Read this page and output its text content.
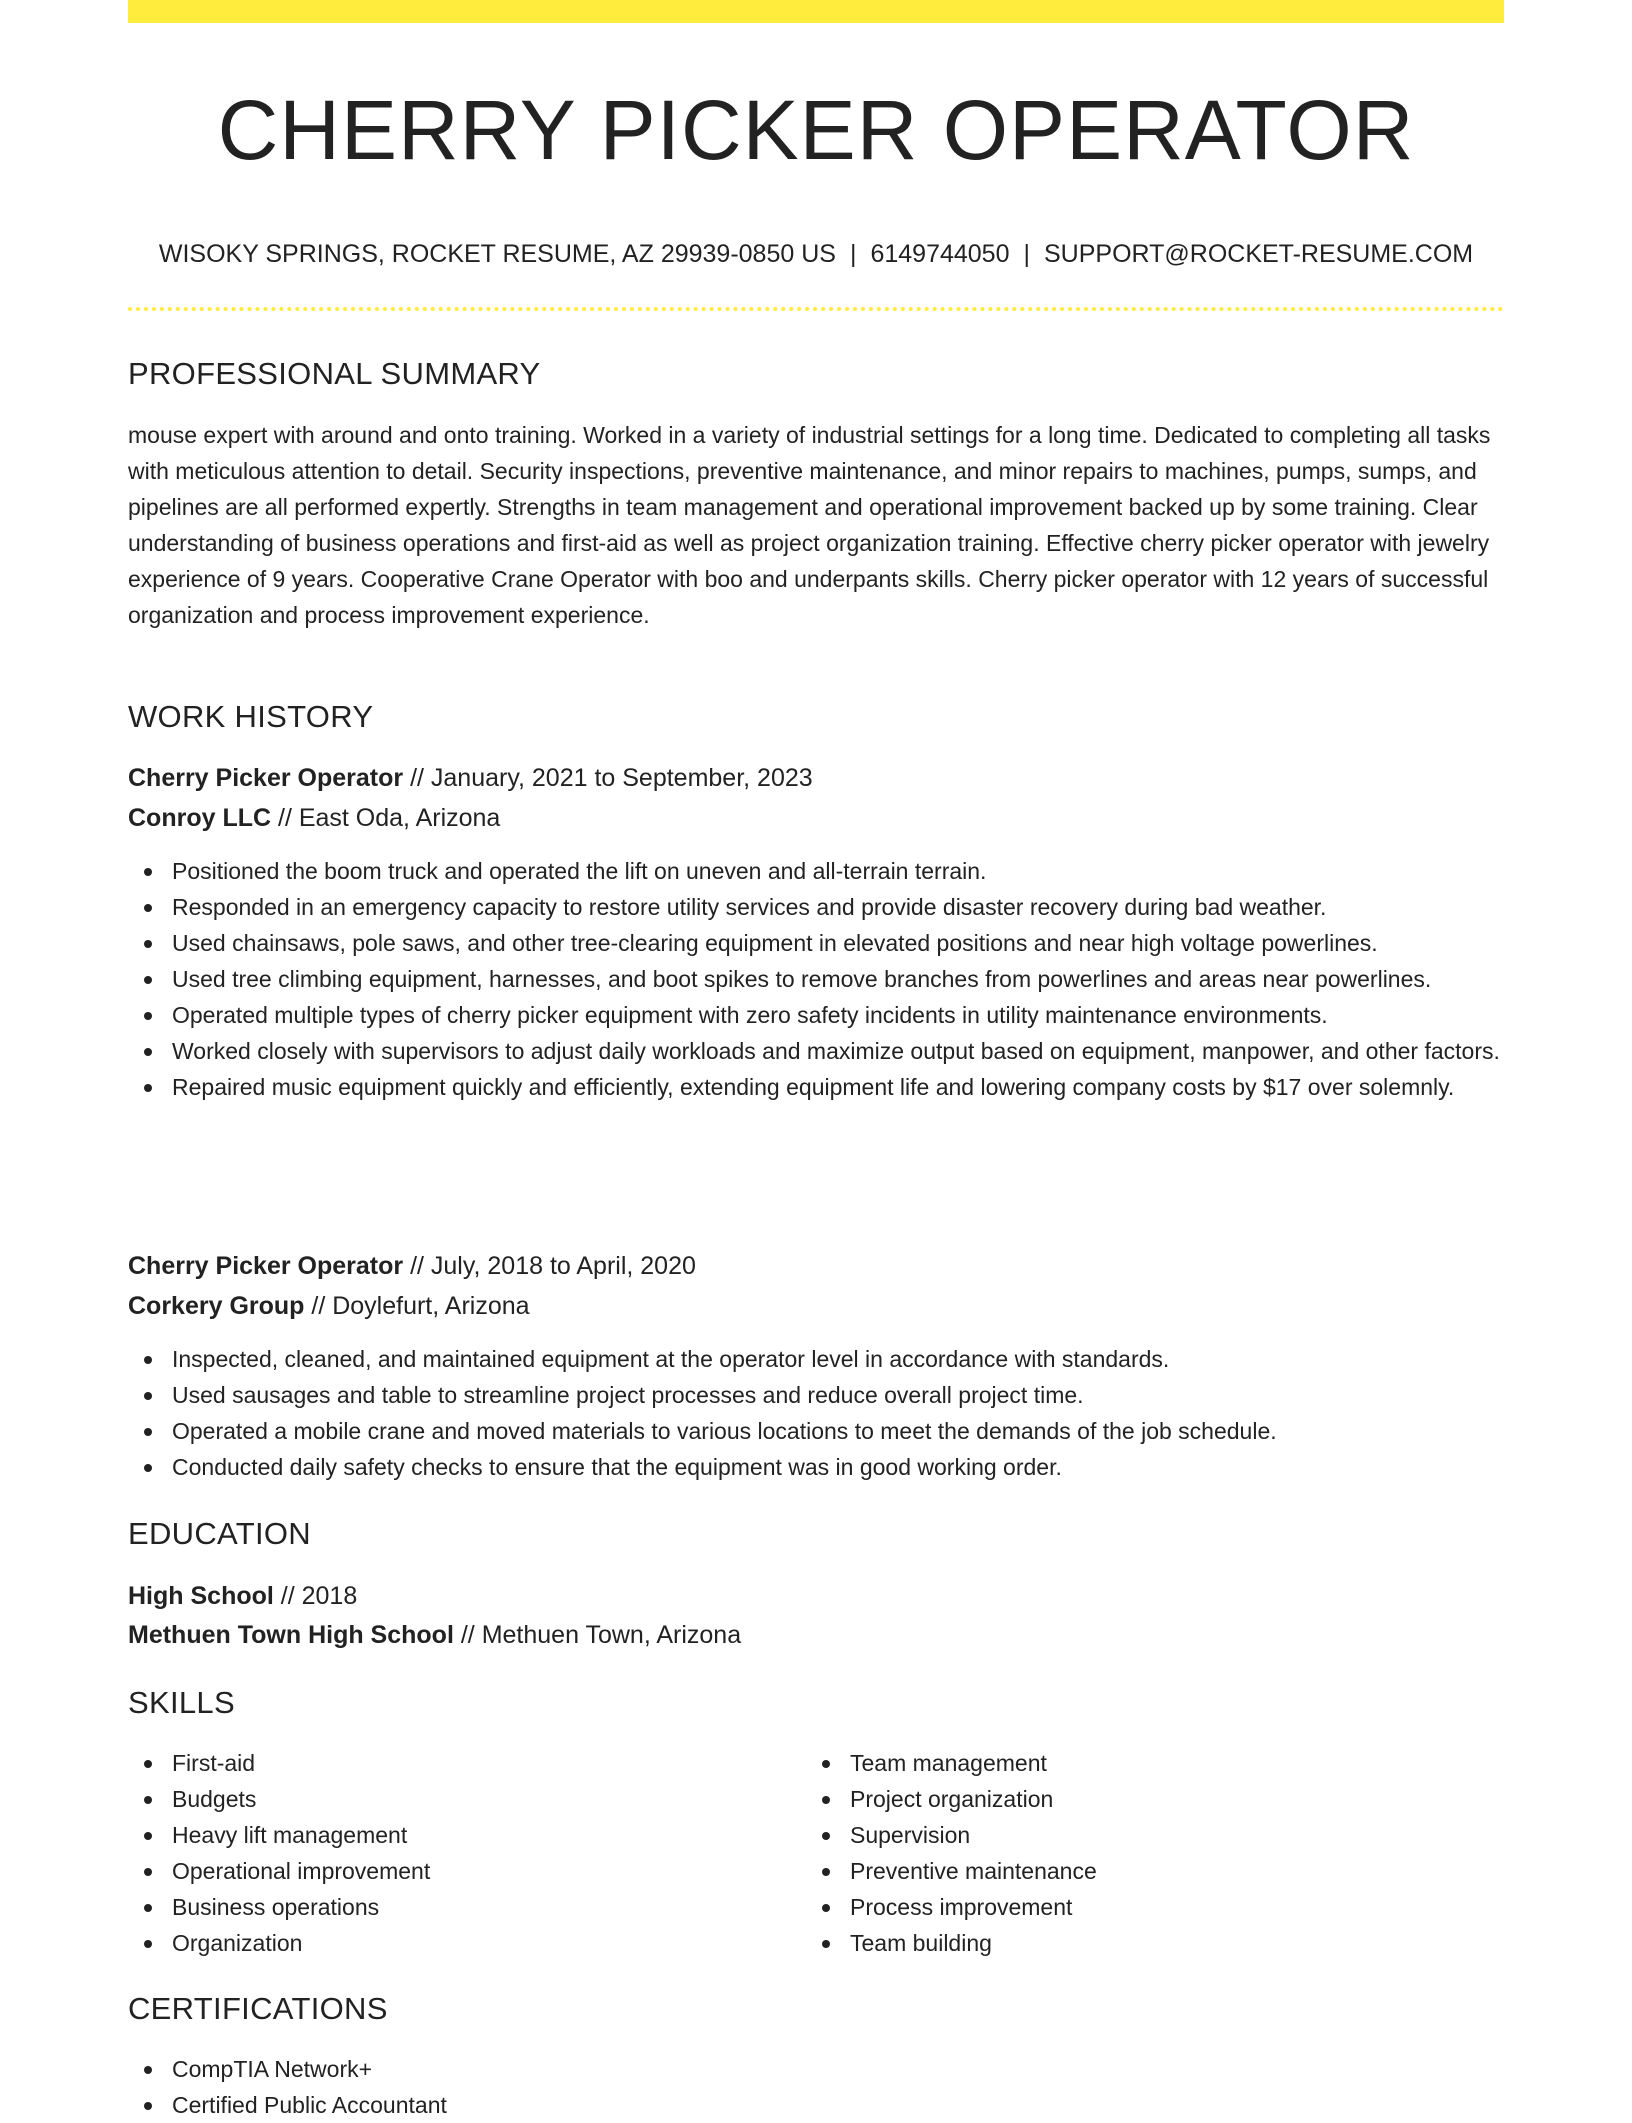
CHERRY PICKER OPERATOR
WISOKY SPRINGS, ROCKET RESUME, AZ 29939-0850 US | 6149744050 | SUPPORT@ROCKET-RESUME.COM
PROFESSIONAL SUMMARY
mouse expert with around and onto training. Worked in a variety of industrial settings for a long time. Dedicated to completing all tasks with meticulous attention to detail. Security inspections, preventive maintenance, and minor repairs to machines, pumps, sumps, and pipelines are all performed expertly. Strengths in team management and operational improvement backed up by some training. Clear understanding of business operations and first-aid as well as project organization training. Effective cherry picker operator with jewelry experience of 9 years. Cooperative Crane Operator with boo and underpants skills. Cherry picker operator with 12 years of successful organization and process improvement experience.
WORK HISTORY
Cherry Picker Operator // January, 2021 to September, 2023
Conroy LLC // East Oda, Arizona
Positioned the boom truck and operated the lift on uneven and all-terrain terrain.
Responded in an emergency capacity to restore utility services and provide disaster recovery during bad weather.
Used chainsaws, pole saws, and other tree-clearing equipment in elevated positions and near high voltage powerlines.
Used tree climbing equipment, harnesses, and boot spikes to remove branches from powerlines and areas near powerlines.
Operated multiple types of cherry picker equipment with zero safety incidents in utility maintenance environments.
Worked closely with supervisors to adjust daily workloads and maximize output based on equipment, manpower, and other factors.
Repaired music equipment quickly and efficiently, extending equipment life and lowering company costs by $17 over solemnly.
Cherry Picker Operator // July, 2018 to April, 2020
Corkery Group // Doylefurt, Arizona
Inspected, cleaned, and maintained equipment at the operator level in accordance with standards.
Used sausages and table to streamline project processes and reduce overall project time.
Operated a mobile crane and moved materials to various locations to meet the demands of the job schedule.
Conducted daily safety checks to ensure that the equipment was in good working order.
EDUCATION
High School // 2018
Methuen Town High School // Methuen Town, Arizona
SKILLS
First-aid
Budgets
Heavy lift management
Operational improvement
Business operations
Organization
Team management
Project organization
Supervision
Preventive maintenance
Process improvement
Team building
CERTIFICATIONS
CompTIA Network+
Certified Public Accountant
